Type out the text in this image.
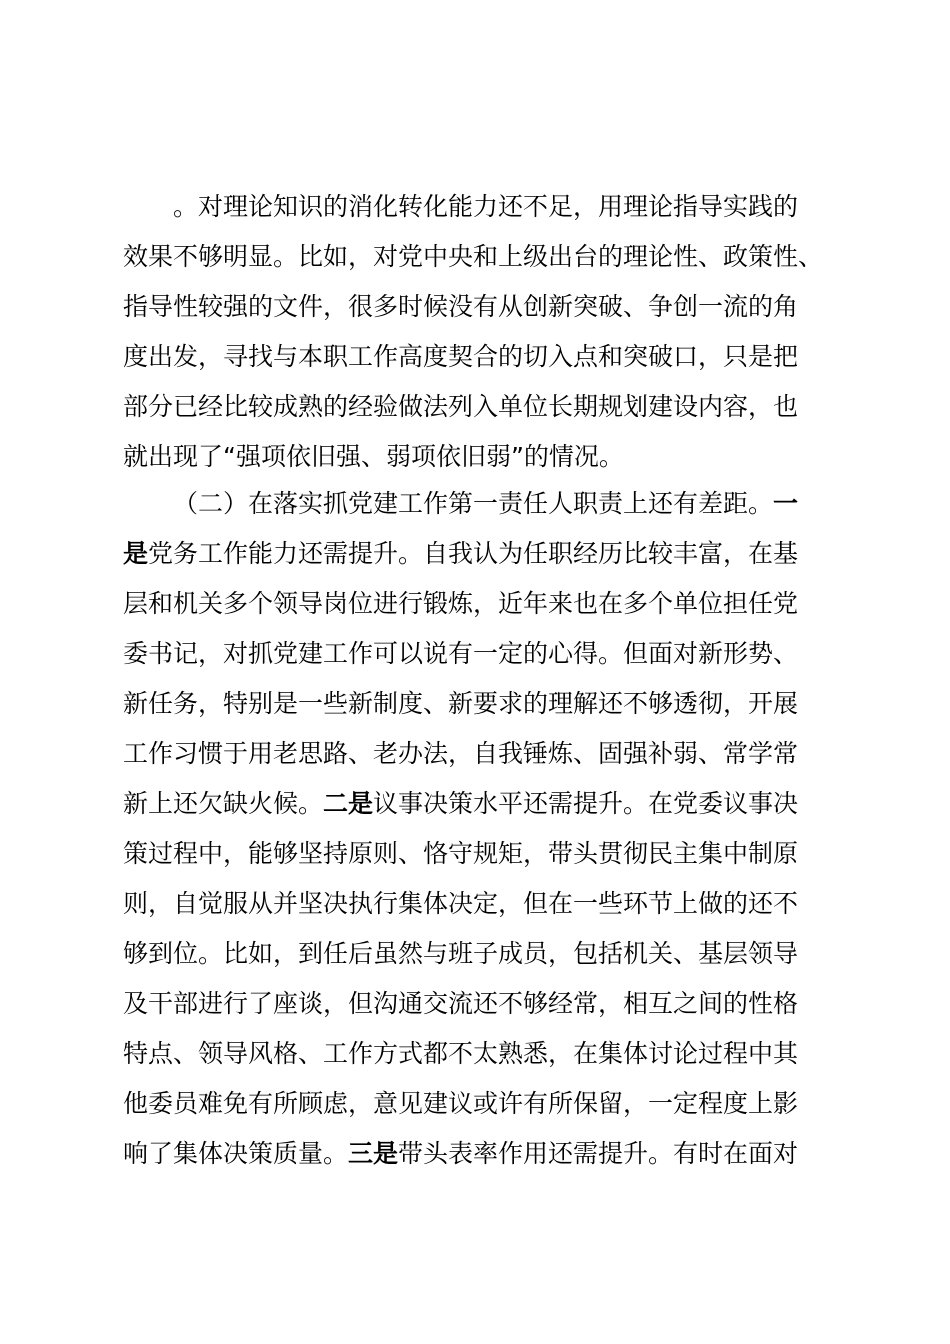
。对理论知识的消化转化能力还不足，用理论指导实践的
效果不够明显。比如，对党中央和上级出台的理论性、政策性、
指导性较强的文件，很多时候没有从创新突破、争创一流的角
度出发，寻找与本职工作高度契合的切入点和突破口，只是把
部分已经比较成熟的经验做法列入单位长期规划建设内容，也
就出现了“强项依旧强、弱项依旧弱”的情况。
（二）在落实抓党建工作第一责任人职责上还有差距。一
是党务工作能力还需提升。自我认为任职经历比较丰富，在基
层和机关多个领导岗位进行锻炼，近年来也在多个单位担任党
委书记，对抓党建工作可以说有一定的心得。但面对新形势、
新任务，特别是一些新制度、新要求的理解还不够透彻，开展
工作习惯于用老思路、老办法，自我锤炼、固强补弱、常学常
新上还欠缺火候。二是议事决策水平还需提升。在党委议事决
策过程中，能够坚持原则、恪守规矩，带头贯彻民主集中制原
则，自觉服从并坚决执行集体决定，但在一些环节上做的还不
够到位。比如，到任后虽然与班子成员，包括机关、基层领导
及干部进行了座谈，但沟通交流还不够经常，相互之间的性格
特点、领导风格、工作方式都不太熟悉，在集体讨论过程中其
他委员难免有所顾虑，意见建议或许有所保留，一定程度上影
响了集体决策质量。三是带头表率作用还需提升。有时在面对
